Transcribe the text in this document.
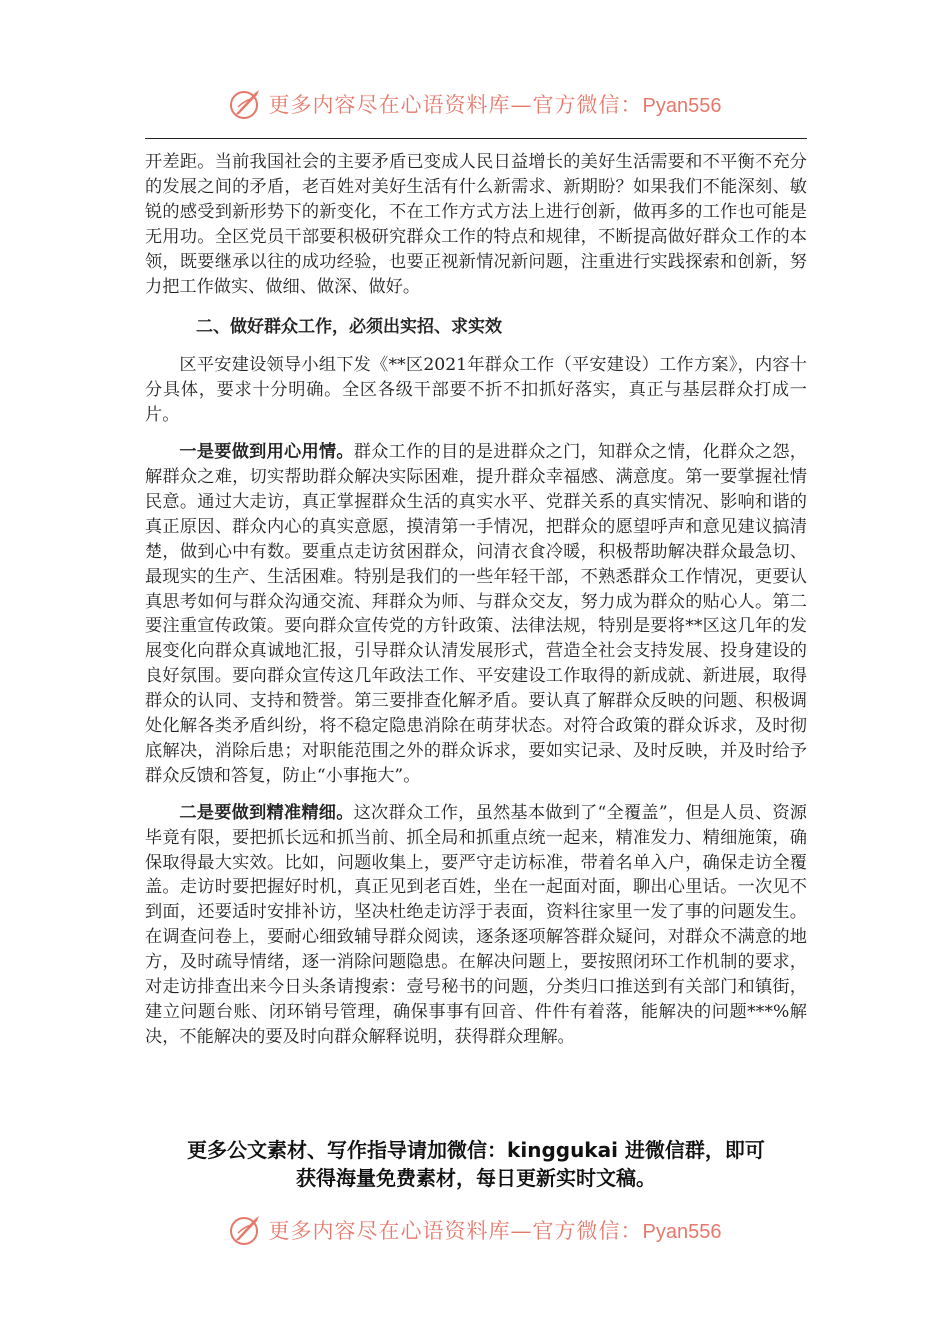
更多内容尽在心语资料库—官方微信：Pyan556

开差距。当前我国社会的主要矛盾已变成人民日益增长的美好生活需要和不平衡不充分的发展之间的矛盾，老百姓对美好生活有什么新需求、新期盼？如果我们不能深刻、敏锐的感受到新形势下的新变化，不在工作方式方法上进行创新，做再多的工作也可能是无用功。全区党员干部要积极研究群众工作的特点和规律，不断提高做好群众工作的本领，既要继承以往的成功经验，也要正视新情况新问题，注重进行实践探索和创新，努力把工作做实、做细、做深、做好。

二、做好群众工作，必须出实招、求实效

区平安建设领导小组下发《**区2021年群众工作（平安建设）工作方案》，内容十分具体，要求十分明确。全区各级干部要不折不扣抓好落实，真正与基层群众打成一片。

一是要做到用心用情。群众工作的目的是进群众之门，知群众之情，化群众之怨，解群众之难，切实帮助群众解决实际困难，提升群众幸福感、满意度。第一要掌握社情民意。通过大走访，真正掌握群众生活的真实水平、党群关系的真实情况、影响和谐的真正原因、群众内心的真实意愿，摸清第一手情况，把群众的愿望呼声和意见建议搞清楚，做到心中有数。要重点走访贫困群众，问清衣食冷暖，积极帮助解决群众最急切、最现实的生产、生活困难。特别是我们的一些年轻干部，不熟悉群众工作情况，更要认真思考如何与群众沟通交流、拜群众为师、与群众交友，努力成为群众的贴心人。第二要注重宣传政策。要向群众宣传党的方针政策、法律法规，特别是要将**区这几年的发展变化向群众真诚地汇报，引导群众认清发展形式，营造全社会支持发展、投身建设的良好氛围。要向群众宣传这几年政法工作、平安建设工作取得的新成就、新进展，取得群众的认同、支持和赞誉。第三要排查化解矛盾。要认真了解群众反映的问题、积极调处化解各类矛盾纠纷，将不稳定隐患消除在萌芽状态。对符合政策的群众诉求，及时彻底解决，消除后患；对职能范围之外的群众诉求，要如实记录、及时反映，并及时给予群众反馈和答复，防止“小事拖大”。

二是要做到精准精细。这次群众工作，虽然基本做到了“全覆盖”，但是人员、资源毕竟有限，要把抓长远和抓当前、抓全局和抓重点统一起来，精准发力、精细施策，确保取得最大实效。比如，问题收集上，要严守走访标准，带着名单入户，确保走访全覆盖。走访时要把握好时机，真正见到老百姓，坐在一起面对面，聊出心里话。一次见不到面，还要适时安排补访，坚决杜绝走访浮于表面，资料往家里一发了事的问题发生。在调查问卷上，要耐心细致辅导群众阅读，逐条逐项解答群众疑问，对群众不满意的地方，及时疏导情绪，逐一消除问题隐患。在解决问题上，要按照闭环工作机制的要求，对走访排查出来今日头条请搜索：壹号秘书的问题，分类归口推送到有关部门和镇街，建立问题台账、闭环销号管理，确保事事有回音、件件有着落，能解决的问题***%解决，不能解决的要及时向群众解释说明，获得群众理解。

更多公文素材、写作指导请加微信：kinggukai 进微信群，即可

获得海量免费素材，每日更新实时文稿。

更多内容尽在心语资料库—官方微信：Pyan556
